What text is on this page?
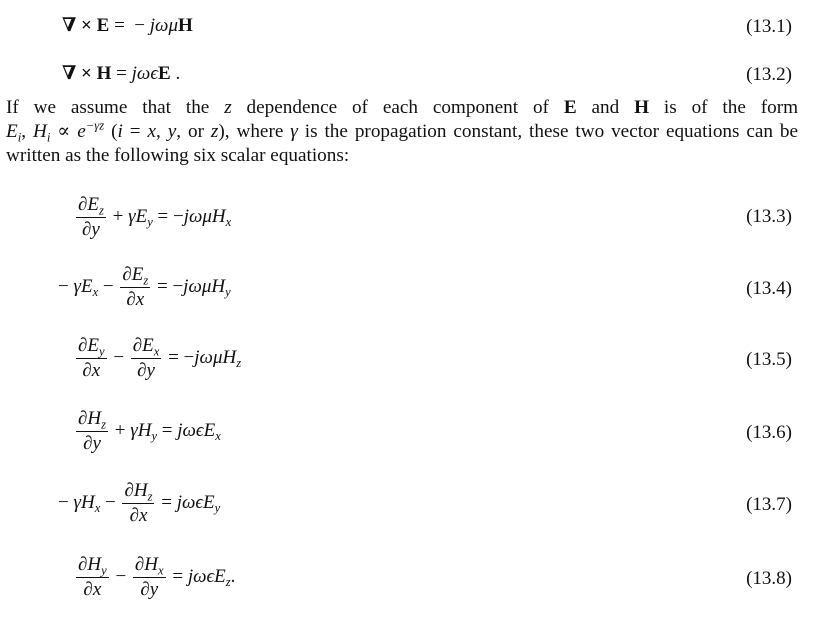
∇ × E =  − jωμH	(13.1)
∇ × H = jωϵE .	(13.2)
If we assume that the z dependence of each component of E and H is of the form $E_i$, $H_i \propto e^{-\gamma z}$ (i = x, y, or z), where γ is the propagation constant, these two vector equations can be written as the following six scalar equations:
$\frac{\partial E_z}{\partial y} + \gamma E_y = -j\omega\mu H_x$	(13.3)
− $\gamma E_x - \frac{\partial E_z}{\partial x} = -j\omega\mu H_y$	(13.4)
$\frac{\partial E_y}{\partial x} - \frac{\partial E_x}{\partial y} = -j\omega\mu H_z$	(13.5)
$\frac{\partial H_z}{\partial y} + \gamma H_y = j\omega\epsilon E_x$	(13.6)
− $\gamma H_x - \frac{\partial H_z}{\partial x} = j\omega\epsilon E_y$	(13.7)
$\frac{\partial H_y}{\partial x} - \frac{\partial H_x}{\partial y} = j\omega\epsilon E_z$.	(13.8)
